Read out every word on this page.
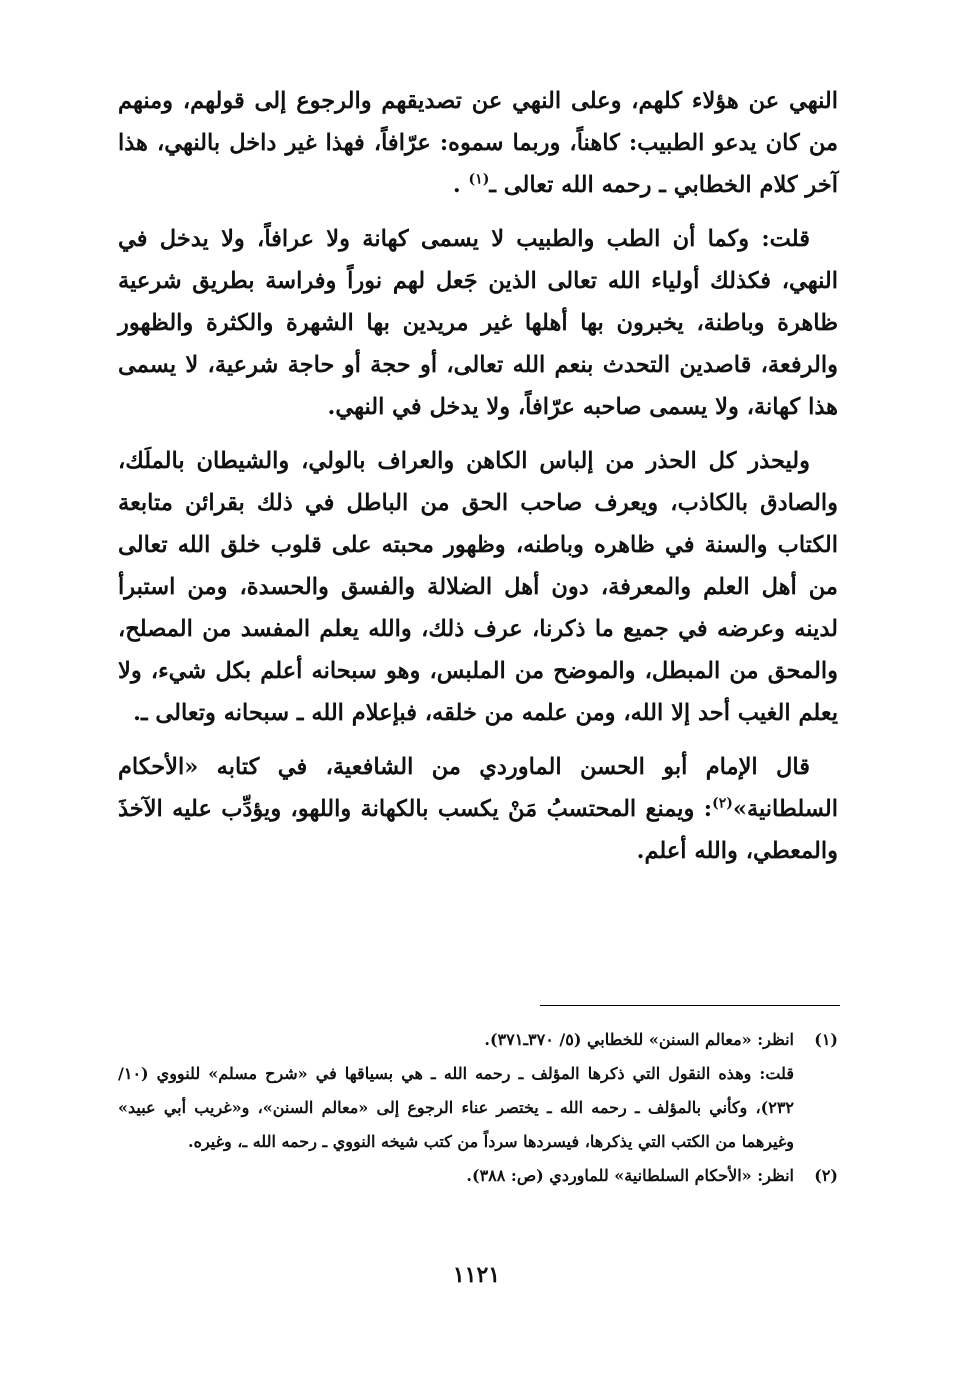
النهي عن هؤلاء كلهم، وعلى النهي عن تصديقهم والرجوع إلى قولهم، ومنهم من كان يدعو الطبيب: كاهناً، وربما سموه: عرّافاً، فهذا غير داخل بالنهي، هذا آخر كلام الخطابي ـ رحمه الله تعالى ـ$^{(١)}$ .

قلت: وكما أن الطب والطبيب لا يسمى كهانة ولا عرافاً، ولا يدخل في النهي، فكذلك أولياء الله تعالى الذين جَعل لهم نوراً وفراسة بطريق شرعية ظاهرة وباطنة، يخبرون بها أهلها غير مريدين بها الشهرة والكثرة والظهور والرفعة، قاصدين التحدث بنعم الله تعالى، أو حجة أو حاجة شرعية، لا يسمى هذا كهانة، ولا يسمى صاحبه عرّافاً، ولا يدخل في النهي.

وليحذر كل الحذر من إلباس الكاهن والعراف بالولي، والشيطان بالملَك، والصادق بالكاذب، ويعرف صاحب الحق من الباطل في ذلك بقرائن متابعة الكتاب والسنة في ظاهره وباطنه، وظهور محبته على قلوب خلق الله تعالى من أهل العلم والمعرفة، دون أهل الضلالة والفسق والحسدة، ومن استبرأ لدينه وعرضه في جميع ما ذكرنا، عرف ذلك، والله يعلم المفسد من المصلح، والمحق من المبطل، والموضح من الملبس، وهو سبحانه أعلم بكل شيء، ولا يعلم الغيب أحد إلا الله، ومن علمه من خلقه، فبإعلام الله ـ سبحانه وتعالى ـ.

قال الإمام أبو الحسن الماوردي من الشافعية، في كتابه «الأحكام السلطانية»$^{(٢)}$: ويمنع المحتسبُ مَنْ يكسب بالكهانة واللهو، ويؤدِّب عليه الآخذَ والمعطي، والله أعلم.

(١)
انظر: «معالم السنن» للخطابي (٥/ ٣٧٠ـ٣٧١).
قلت: وهذه النقول التي ذكرها المؤلف ـ رحمه الله ـ هي بسياقها في «شرح مسلم» للنووي (١٠/ ٢٣٢)، وكأني بالمؤلف ـ رحمه الله ـ يختصر عناء الرجوع إلى «معالم السنن»، و«غريب أبي عبيد» وغيرهما من الكتب التي يذكرها، فيسردها سرداً من كتب شيخه النووي ـ رحمه الله ـ، وغيره.
(٢)
انظر: «الأحكام السلطانية» للماوردي (ص: ٣٨٨).
١١٢١
